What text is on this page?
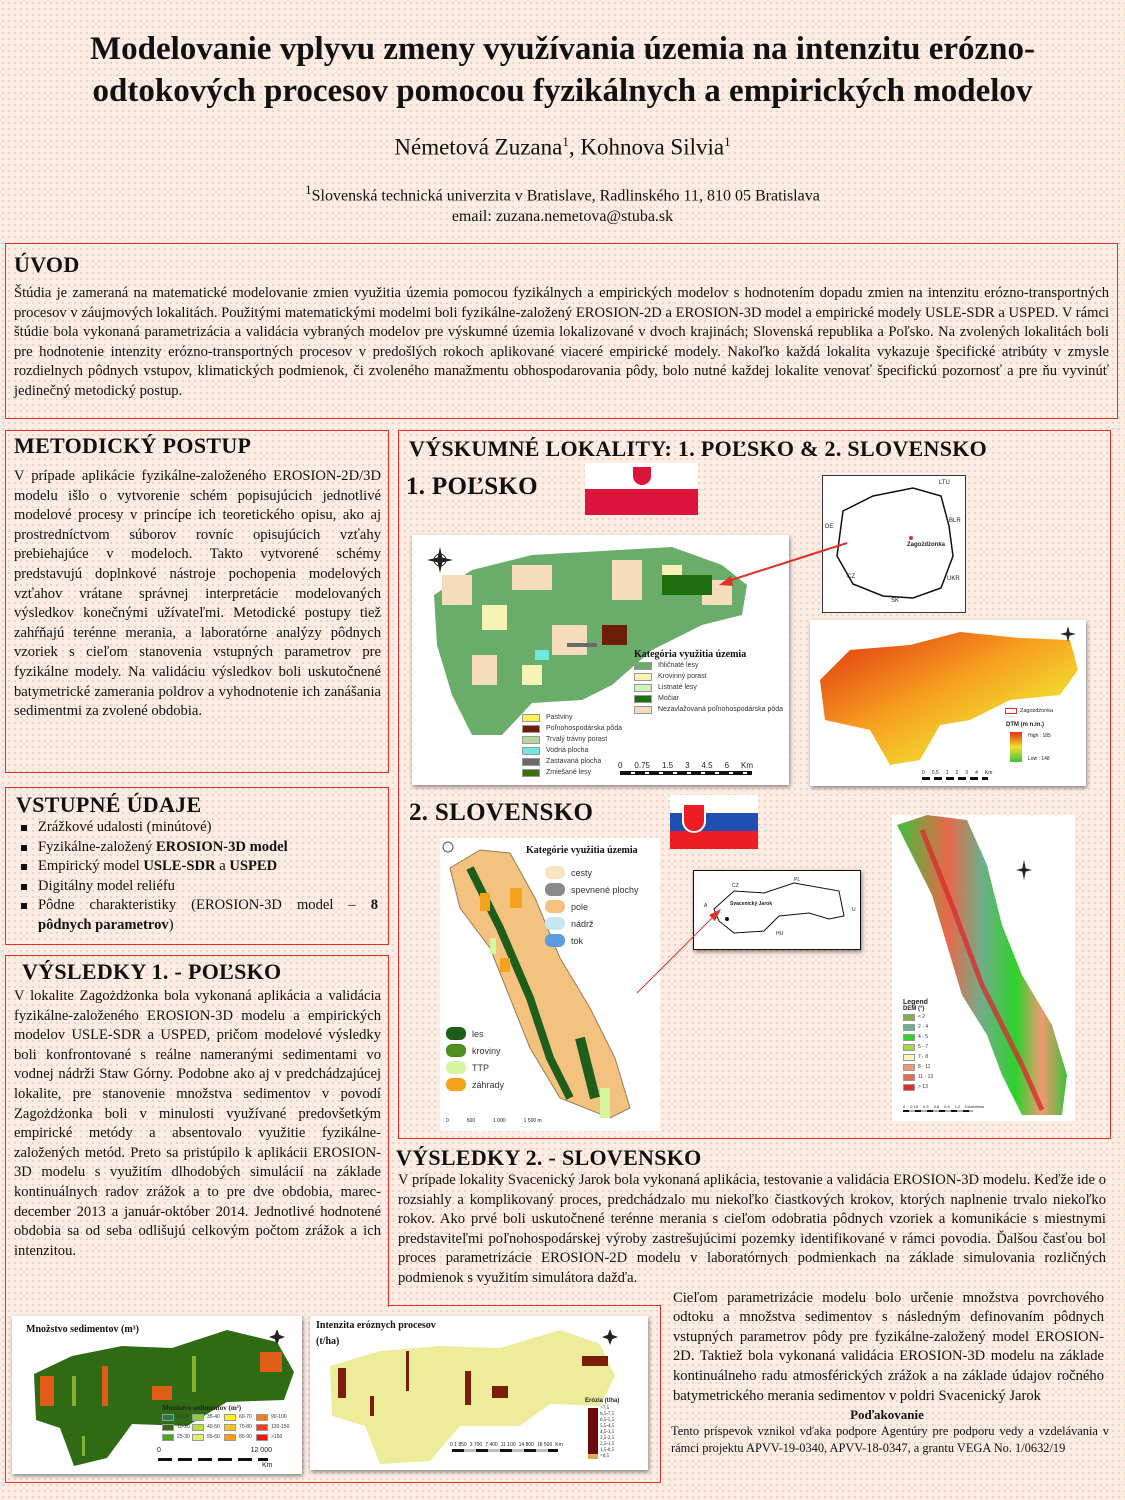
Modelovanie vplyvu zmeny využívania územia na intenzitu erózno-
odtokových procesov pomocou fyzikálnych a empirických modelov
Németová Zuzana$^1$, Kohnova Silvia$^1$
$^1$Slovenská technická univerzita v Bratislave, Radlinského 11, 810 05 Bratislava
email: zuzana.nemetova@stuba.sk
ÚVOD
Štúdia je zameraná na matematické modelovanie zmien využitia územia pomocou fyzikálnych a empirických modelov s hodnotením dopadu zmien na intenzitu erózno-transportných procesov v záujmových lokalitách. Použitými matematickými modelmi boli fyzikálne-založený EROSION-2D a EROSION-3D model a empirické modely USLE-SDR a USPED. V rámci štúdie bola vykonaná parametrizácia a validácia vybraných modelov pre výskumné územia lokalizované v dvoch krajinách; Slovenská republika a Poľsko. Na zvolených lokalitách boli pre hodnotenie intenzity erózno-transportných procesov v predošlých rokoch aplikované viaceré empirické modely. Nakoľko každá lokalita vykazuje špecifické atribúty v zmysle rozdielnych pôdnych vstupov, klimatických podmienok, či zvoleného manažmentu obhospodarovania pôdy, bolo nutné každej lokalite venovať špecifickú pozornosť a pre ňu vyvinúť jedinečný metodický postup.
METODICKÝ POSTUP
V prípade aplikácie fyzikálne-založeného EROSION-2D/3D modelu išlo o vytvorenie schém popisujúcich jednotlivé modelové procesy v princípe ich teoretického opisu, ako aj prostredníctvom súborov rovníc opisujúcich vzťahy prebiehajúce v modeloch. Takto vytvorené schémy predstavujú doplnkové nástroje pochopenia modelových vzťahov vrátane správnej interpretácie modelovaných výsledkov konečnými užívateľmi. Metodické postupy tiež zahŕňajú terénne merania, a laboratórne analýzy pôdnych vzoriek s cieľom stanovenia vstupných parametrov pre fyzikálne modely. Na validáciu výsledkov boli uskutočnené batymetrické zamerania poldrov a vyhodnotenie ich zanášania sedimentmi za zvolené obdobia.
VSTUPNÉ ÚDAJE
Zrážkové udalosti (minútové)
Fyzikálne-založený EROSION-3D model
Empirický model USLE-SDR a USPED
Digitálny model reliéfu
Pôdne charakteristiky (EROSION-3D model – 8 pôdnych parametrov)
VÝSLEDKY 1. - POĽSKO
V lokalite Zagożdżonka bola vykonaná aplikácia a validácia fyzikálne-založeného EROSION-3D modelu a empirických modelov USLE-SDR a USPED, pričom modelové výsledky boli konfrontované s reálne nameranými sedimentami vo vodnej nádrži Staw Górny. Podobne ako aj v predchádzajúcej lokalite, pre stanovenie množstva sedimentov v povodí Zagożdżonka boli v minulosti využívané predovšetkým empirické metódy a absentovalo využitie fyzikálne-založených metód. Preto sa pristúpilo k aplikácii EROSION-3D modelu s využitím dlhodobých simulácií na základe kontinuálnych radov zrážok a to pre dve obdobia, marec-december 2013 a január-október 2014. Jednotlivé hodnotené obdobia sa od seba odlišujú celkovým počtom zrážok a ich intenzitou.
Množstvo sedimentov (m³)
Množstvo sedimentov (m³)
< 1,5
10-20
25-30
35-40
40-50
55-60
60-70
70-80
80-90
90-100
120-150
>150
0	12 000
Km
Intenzita eróznych procesov
(t/ha)
Erózia (t/ha)
>7,5
6,5-7,5
6,5-5,5
5,5-4,5
4,5-3,5
3,5-2,5
2,5-1,5
1,5-0,5
<0,5
0 1 850 3 700 7 400 11 100 14 800 18 500 Km
VÝSKUMNÉ LOKALITY: 1. POĽSKO & 2. SLOVENSKO
1. POĽSKO
2. SLOVENSKO
Kategória využitia územia
Ihličnaté lesy
Krovinný porast
Listnaté lesy
Močiar
Nezavlažovaná poľnohospodárska pôda
Pastviny
Poľnohospodárska pôda
Trvalý trávny porast
Vodná plocha
Zastavaná plocha
Zmiešané lesy
0 0.75 1.5 3 4.5 6 Km
LTU
BLR
DE
CZ
SK
UKR
Zagożdżonka
Zagożdżonka
DTM (m n.m.)
High : 185
Low : 148
0 0,5 1 2 3 4 Km
Kategórie využitia územia
cesty
spevnené plochy
pole
nádrž
tok
les
kroviny
TTP
záhrady
0	500	1 000	1 500 m
CZ
PL
A
U
HU
Svacenický Jarok
Legend
DEM (°)
< 2
2 - 4
4 - 5
5 - 7
7 - 8
8 - 11
11 - 13
> 13
0 0,15 0,3 0,6 0,9 1,2 Kilometres
VÝSLEDKY 2. - SLOVENSKO
V prípade lokality Svacenický Jarok bola vykonaná aplikácia, testovanie a validácia EROSION-3D modelu. Keďže ide o rozsiahly a komplikovaný proces, predchádzalo mu niekoľko čiastkových krokov, ktorých naplnenie trvalo niekoľko rokov. Ako prvé boli uskutočnené terénne merania s cieľom odobratia pôdnych vzoriek a komunikácie s miestnymi predstaviteľmi poľnohospodárskej výroby zastrešujúcimi pozemky identifikované v rámci povodia. Ďalšou časťou bol proces parametrizácie EROSION-2D modelu v laboratórnych podmienkach na základe simulovania rozličných podmienok s využitím simulátora dažďa.
Cieľom parametrizácie modelu bolo určenie množstva povrchového odtoku a množstva sedimentov s následným definovaním pôdnych vstupných parametrov pôdy pre fyzikálne-založený model EROSION-2D. Taktiež bola vykonaná validácia EROSION-3D modelu na základe kontinuálneho radu atmosférických zrážok a na základe údajov ročného batymetrického merania sedimentov v poldri Svacenický Jarok
Poďakovanie
Tento príspevok vznikol vďaka podpore Agentúry pre podporu vedy a vzdelávania v rámci projektu APVV-19-0340, APVV-18-0347, a grantu VEGA No. 1/0632/19
